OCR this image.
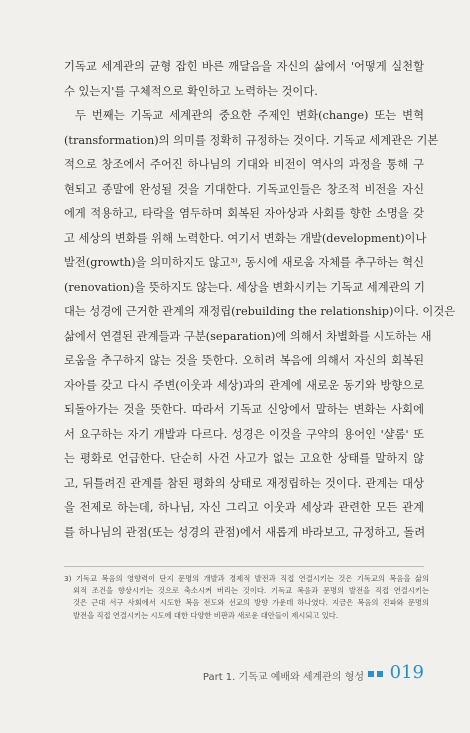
기독교 세계관의 균형 잡힌 바른 깨달음을 자신의 삶에서 '어떻게 실천할
수 있는지'를 구체적으로 확인하고 노력하는 것이다.
두 번째는 기독교 세계관의 중요한 주제인 변화(change) 또는 변혁
(transformation)의 의미를 정확히 규정하는 것이다. 기독교 세계관은 기본
적으로 창조에서 주어진 하나님의 기대와 비전이 역사의 과정을 통해 구
현되고 종말에 완성될 것을 기대한다. 기독교인들은 창조적 비전을 자신
에게 적용하고, 타락을 염두하며 회복된 자아상과 사회를 향한 소명을 갖
고 세상의 변화를 위해 노력한다. 여기서 변화는 개발(development)이나
발전(growth)을 의미하지도 않고³⁾, 동시에 새로움 자체를 추구하는 혁신
(renovation)을 뜻하지도 않는다. 세상을 변화시키는 기독교 세계관의 기
대는 성경에 근거한 관계의 재정립(rebuilding the relationship)이다. 이것은
삶에서 연결된 관계들과 구분(separation)에 의해서 차별화를 시도하는 새
로움을 추구하지 않는 것을 뜻한다. 오히려 복음에 의해서 자신의 회복된
자아를 갖고 다시 주변(이웃과 세상)과의 관계에 새로운 동기와 방향으로
되돌아가는 것을 뜻한다. 따라서 기독교 신앙에서 말하는 변화는 사회에
서 요구하는 자기 개발과 다르다. 성경은 이것을 구약의 용어인 '샬롬' 또
는 평화로 언급한다. 단순히 사건 사고가 없는 고요한 상태를 말하지 않
고, 뒤틀려진 관계를 참된 평화의 상태로 재정립하는 것이다. 관계는 대상
을 전제로 하는데, 하나님, 자신 그리고 이웃과 세상과 관련한 모든 관계
를 하나님의 관점(또는 성경의 관점)에서 새롭게 바라보고, 규정하고, 돌려
3) 기독교 복음의 영향력이 단지 문명의 개발과 경제적 발전과 직접 연결시키는 것은 기독교의 복음을 삶의
외적 조건을 향상시키는 것으로 축소시켜 버리는 것이다. 기독교 복음과 문명의 발전을 직접 연결시키는
것은 근대 서구 사회에서 시도한 복음 전도와 선교의 방향 가운데 하나였다. 지금은 복음의 진파와 문명의
발전을 직접 연결시키는 시도에 대한 다양한 비판과 새로운 대안들이 제시되고 있다.
Part 1. 기독교 예배와 세계관의 형성 019
